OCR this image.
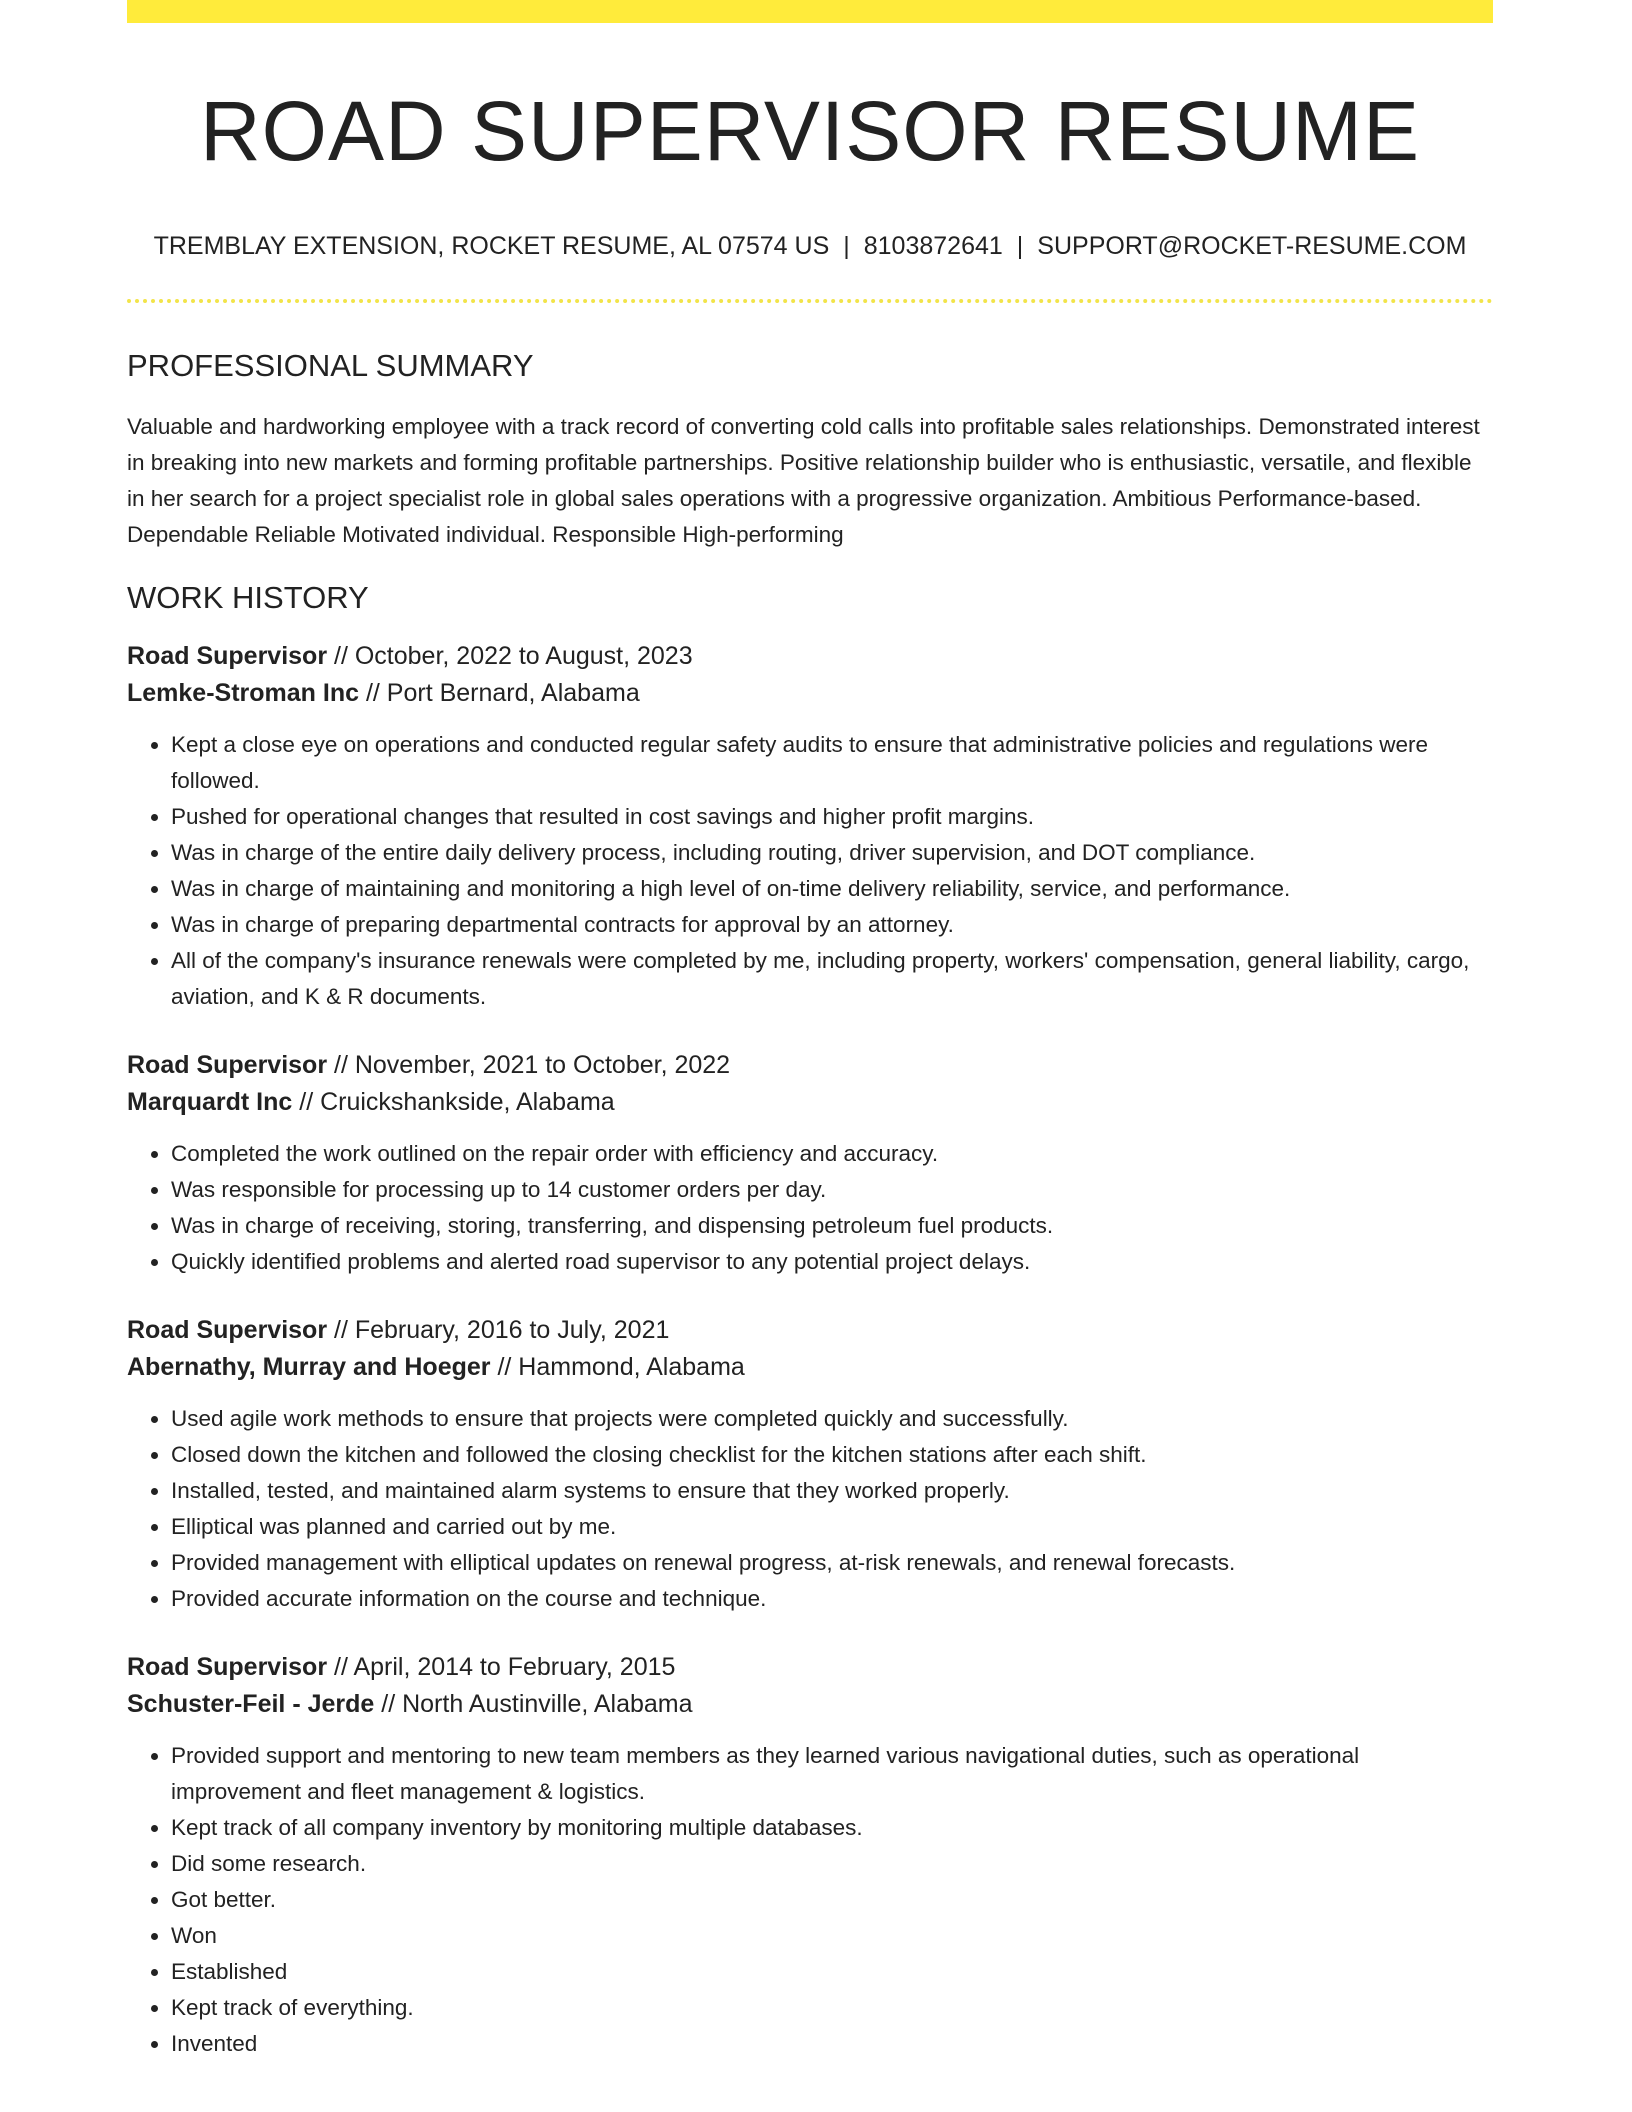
ROAD SUPERVISOR RESUME
TREMBLAY EXTENSION, ROCKET RESUME, AL 07574 US | 8103872641 | SUPPORT@ROCKET-RESUME.COM
PROFESSIONAL SUMMARY

Valuable and hardworking employee with a track record of converting cold calls into profitable sales relationships. Demonstrated interest in breaking into new markets and forming profitable partnerships. Positive relationship builder who is enthusiastic, versatile, and flexible in her search for a project specialist role in global sales operations with a progressive organization. Ambitious Performance-based. Dependable Reliable Motivated individual. Responsible High-performing

WORK HISTORY
Road Supervisor // October, 2022 to August, 2023
Lemke-Stroman Inc // Port Bernard, Alabama
• Kept a close eye on operations and conducted regular safety audits to ensure that administrative policies and regulations were followed.
• Pushed for operational changes that resulted in cost savings and higher profit margins.
• Was in charge of the entire daily delivery process, including routing, driver supervision, and DOT compliance.
• Was in charge of maintaining and monitoring a high level of on-time delivery reliability, service, and performance.
• Was in charge of preparing departmental contracts for approval by an attorney.
• All of the company's insurance renewals were completed by me, including property, workers' compensation, general liability, cargo, aviation, and K & R documents.
Road Supervisor // November, 2021 to October, 2022
Marquardt Inc // Cruickshankside, Alabama
• Completed the work outlined on the repair order with efficiency and accuracy.
• Was responsible for processing up to 14 customer orders per day.
• Was in charge of receiving, storing, transferring, and dispensing petroleum fuel products.
• Quickly identified problems and alerted road supervisor to any potential project delays.
Road Supervisor // February, 2016 to July, 2021
Abernathy, Murray and Hoeger // Hammond, Alabama
• Used agile work methods to ensure that projects were completed quickly and successfully.
• Closed down the kitchen and followed the closing checklist for the kitchen stations after each shift.
• Installed, tested, and maintained alarm systems to ensure that they worked properly.
• Elliptical was planned and carried out by me.
• Provided management with elliptical updates on renewal progress, at-risk renewals, and renewal forecasts.
• Provided accurate information on the course and technique.
Road Supervisor // April, 2014 to February, 2015
Schuster-Feil - Jerde // North Austinville, Alabama
• Provided support and mentoring to new team members as they learned various navigational duties, such as operational improvement and fleet management & logistics.
• Kept track of all company inventory by monitoring multiple databases.
• Did some research.
• Got better.
• Won
• Established
• Kept track of everything.
• Invented
